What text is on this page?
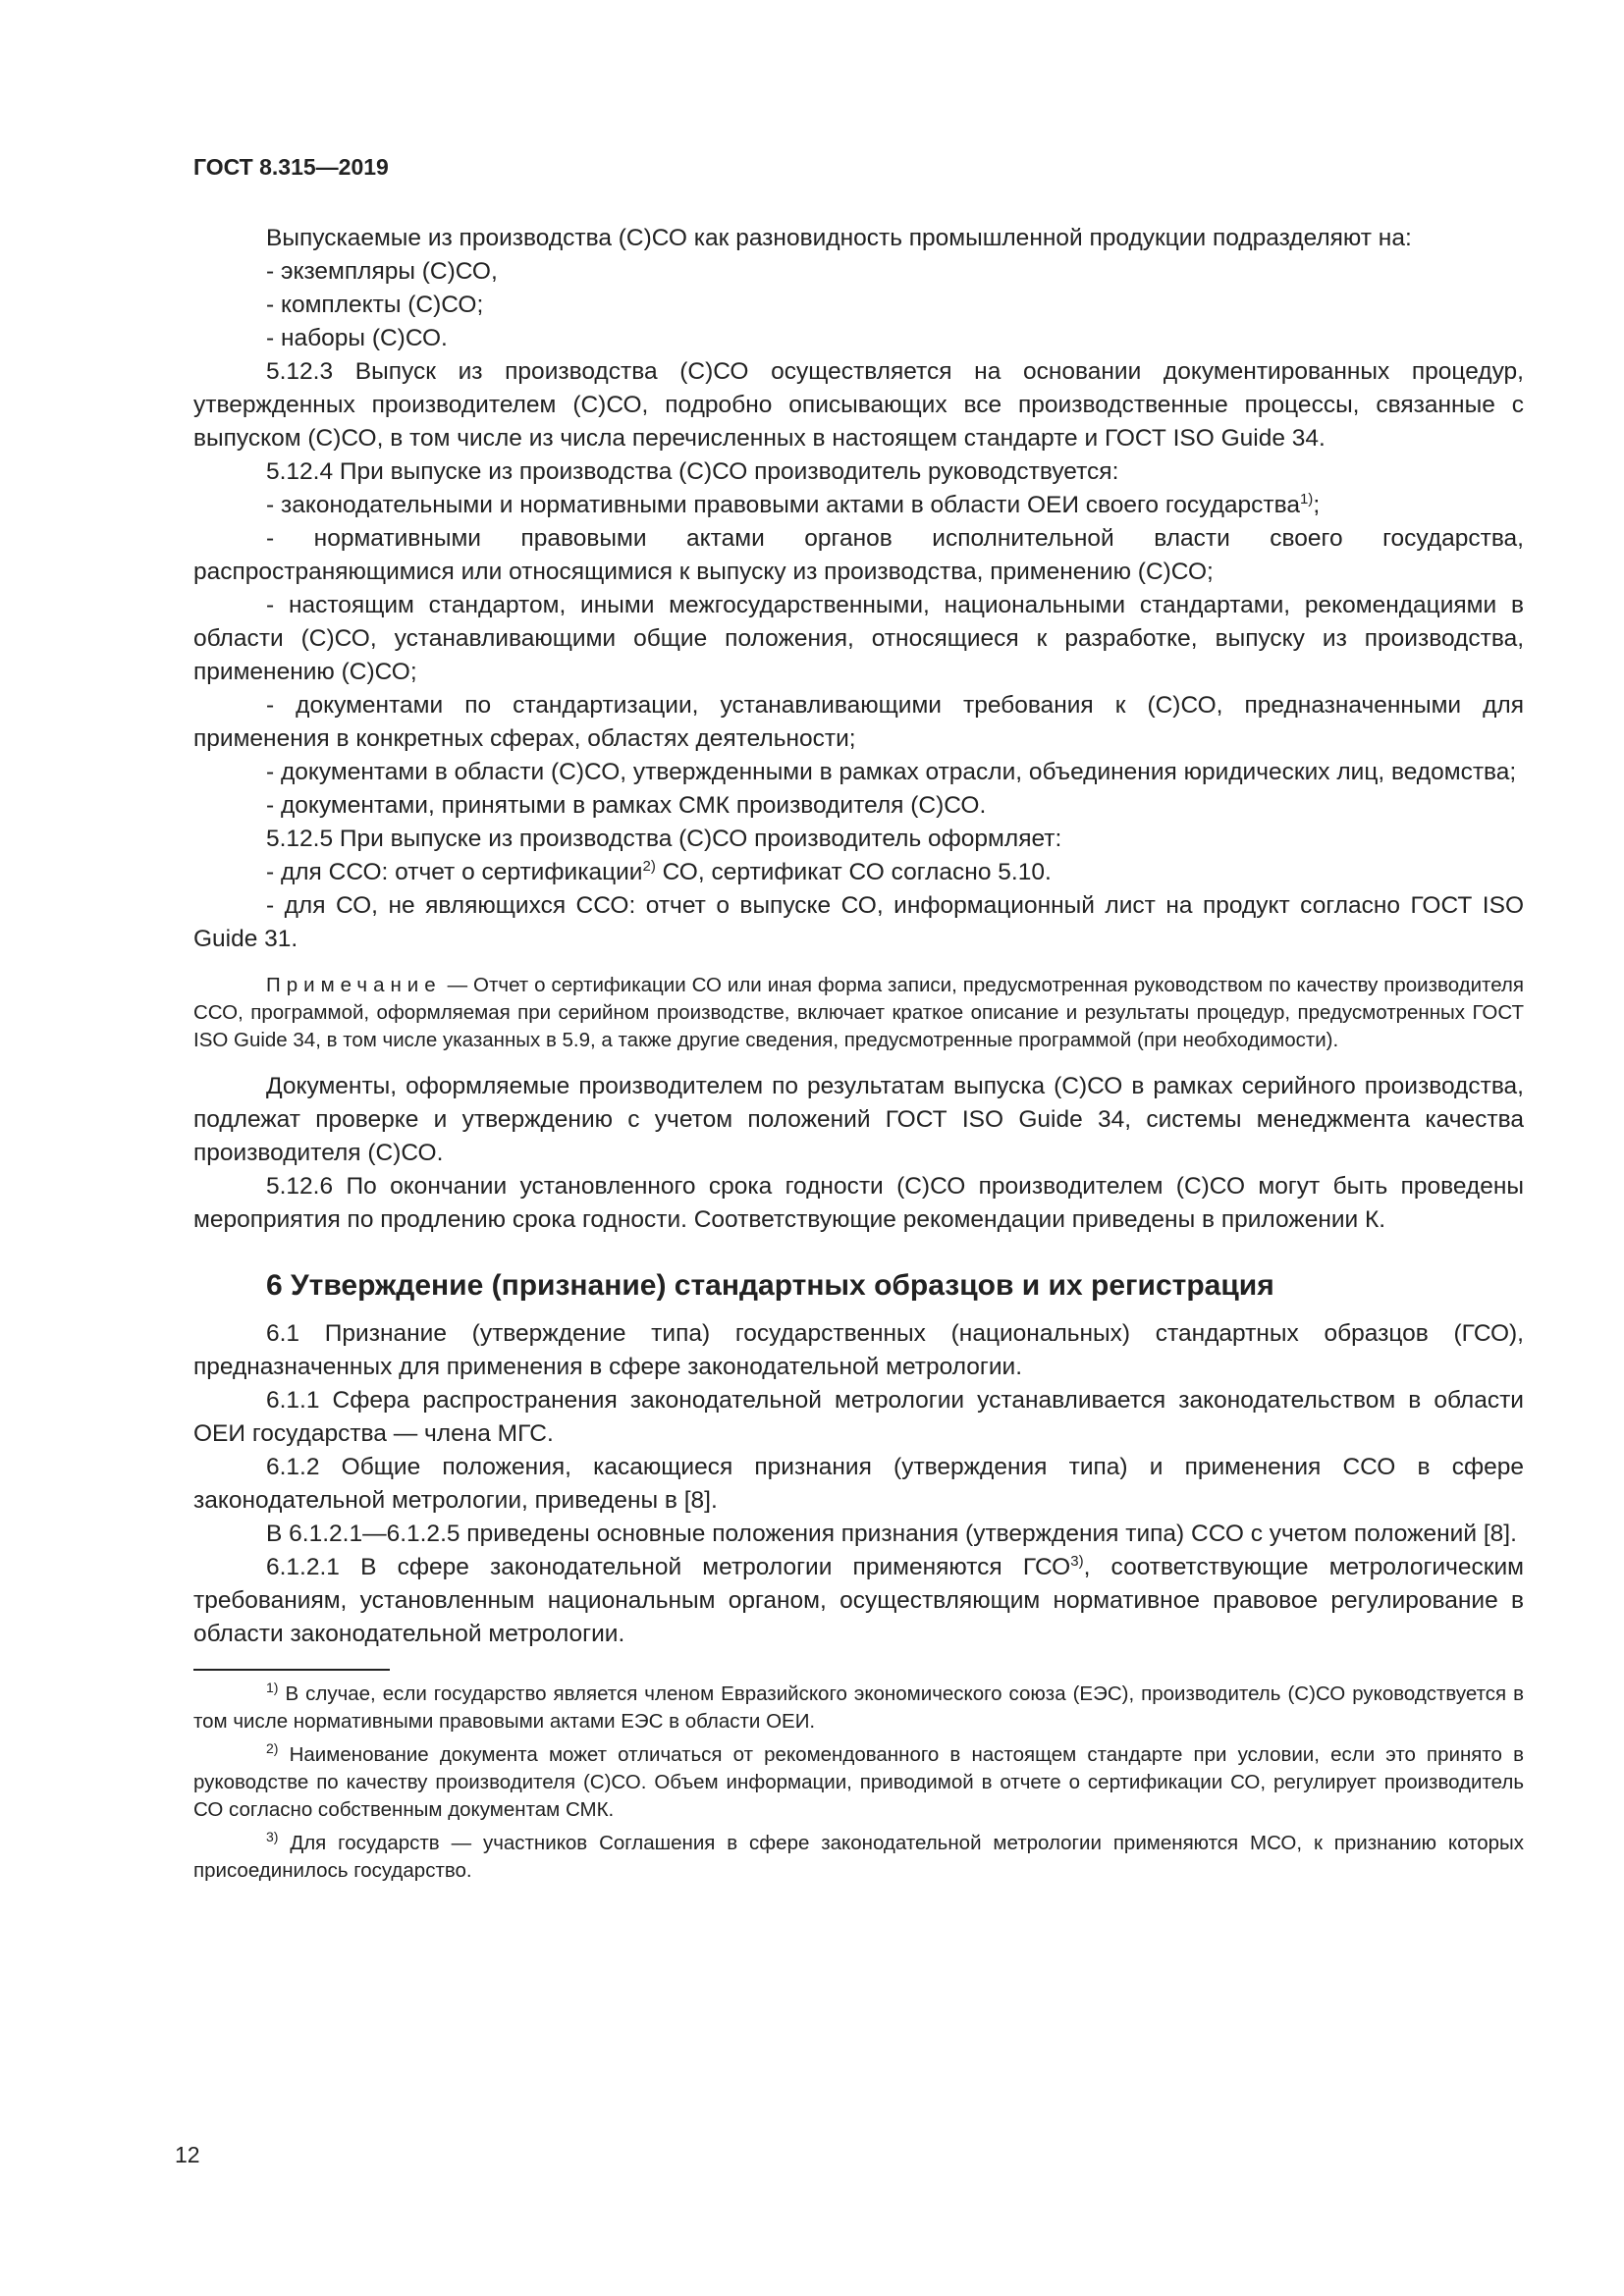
ГОСТ 8.315—2019

Выпускаемые из производства (С)СО как разновидность промышленной продукции подразделяют на:

- экземпляры (С)СО,

- комплекты (С)СО;

- наборы (С)СО.

5.12.3 Выпуск из производства (С)СО осуществляется на основании документированных процедур, утвержденных производителем (С)СО, подробно описывающих все производственные процессы, связанные с выпуском (С)СО, в том числе из числа перечисленных в настоящем стандарте и ГОСТ ISO Guide 34.

5.12.4 При выпуске из производства (С)СО производитель руководствуется:

- законодательными и нормативными правовыми актами в области ОЕИ своего государства$^{1)}$;

- нормативными правовыми актами органов исполнительной власти своего государства, распространяющимися или относящимися к выпуску из производства, применению (С)СО;

- настоящим стандартом, иными межгосударственными, национальными стандартами, рекомендациями в области (С)СО, устанавливающими общие положения, относящиеся к разработке, выпуску из производства, применению (С)СО;

- документами по стандартизации, устанавливающими требования к (С)СО, предназначенными для применения в конкретных сферах, областях деятельности;

- документами в области (С)СО, утвержденными в рамках отрасли, объединения юридических лиц, ведомства;

- документами, принятыми в рамках СМК производителя (С)СО.

5.12.5 При выпуске из производства (С)СО производитель оформляет:

- для ССО: отчет о сертификации$^{2)}$ СО, сертификат СО согласно 5.10.

- для СО, не являющихся ССО: отчет о выпуске СО, информационный лист на продукт согласно ГОСТ ISO Guide 31.

Примечание — Отчет о сертификации СО или иная форма записи, предусмотренная руководством по качеству производителя ССО, программой, оформляемая при серийном производстве, включает краткое описание и результаты процедур, предусмотренных ГОСТ ISO Guide 34, в том числе указанных в 5.9, а также другие сведения, предусмотренные программой (при необходимости).

Документы, оформляемые производителем по результатам выпуска (С)СО в рамках серийного производства, подлежат проверке и утверждению с учетом положений ГОСТ ISO Guide 34, системы менеджмента качества производителя (С)СО.

5.12.6 По окончании установленного срока годности (С)СО производителем (С)СО могут быть проведены мероприятия по продлению срока годности. Соответствующие рекомендации приведены в приложении К.

6 Утверждение (признание) стандартных образцов и их регистрация

6.1 Признание (утверждение типа) государственных (национальных) стандартных образцов (ГСО), предназначенных для применения в сфере законодательной метрологии.

6.1.1 Сфера распространения законодательной метрологии устанавливается законодательством в области ОЕИ государства — члена МГС.

6.1.2 Общие положения, касающиеся признания (утверждения типа) и применения ССО в сфере законодательной метрологии, приведены в [8].

В 6.1.2.1—6.1.2.5 приведены основные положения признания (утверждения типа) ССО с учетом положений [8].

6.1.2.1 В сфере законодательной метрологии применяются ГСО$^{3)}$, соответствующие метрологическим требованиям, установленным национальным органом, осуществляющим нормативное правовое регулирование в области законодательной метрологии.

$^{1)}$ В случае, если государство является членом Евразийского экономического союза (ЕЭС), производитель (С)СО руководствуется в том числе нормативными правовыми актами ЕЭС в области ОЕИ.

$^{2)}$ Наименование документа может отличаться от рекомендованного в настоящем стандарте при условии, если это принято в руководстве по качеству производителя (С)СО. Объем информации, приводимой в отчете о сертификации СО, регулирует производитель СО согласно собственным документам СМК.

$^{3)}$ Для государств — участников Соглашения в сфере законодательной метрологии применяются МСО, к признанию которых присоединилось государство.

12
